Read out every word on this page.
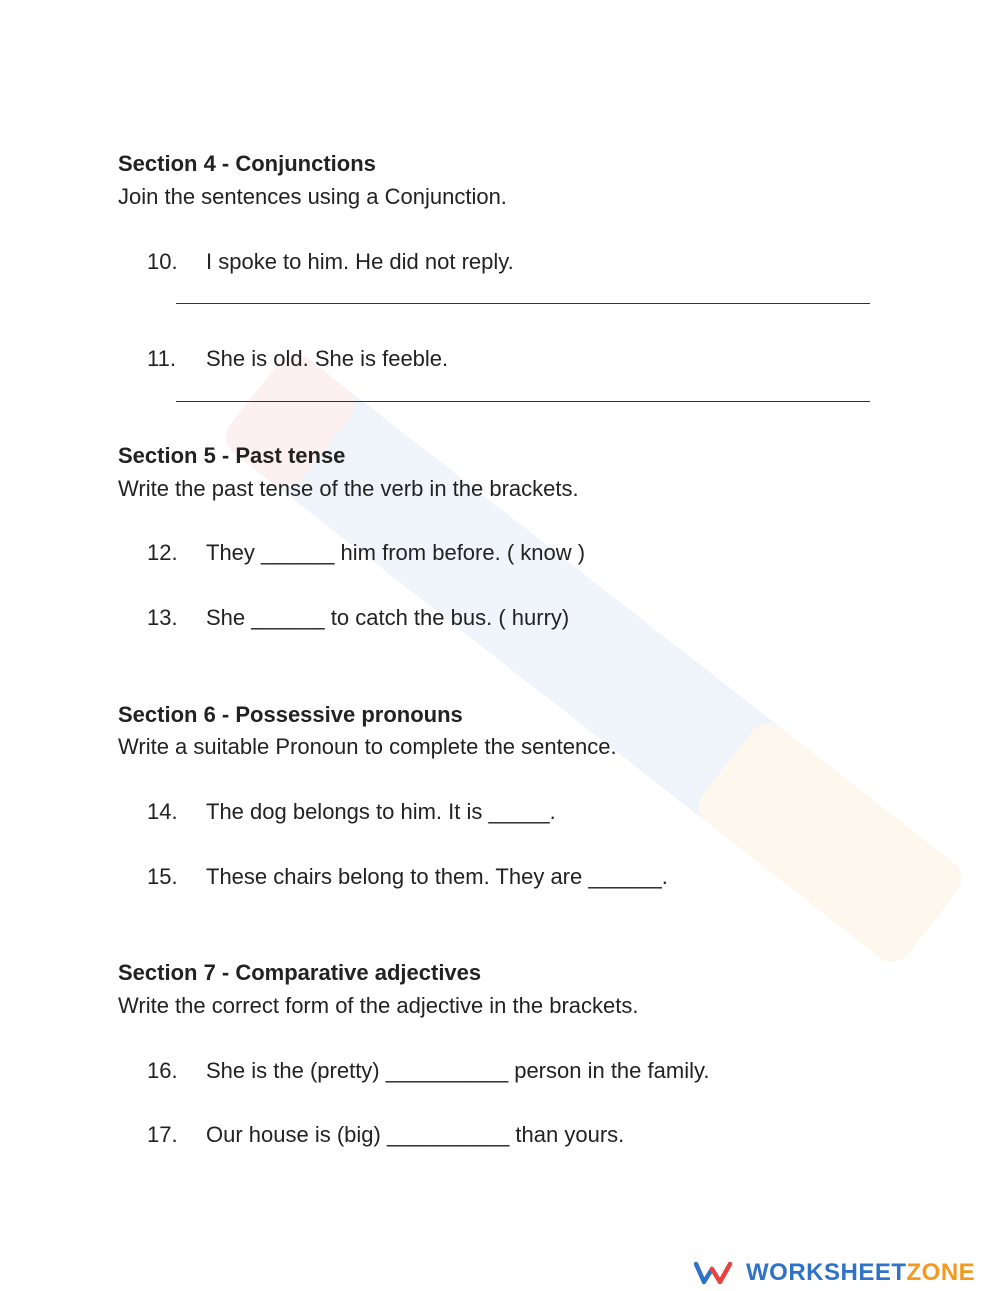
Section 4 - Conjunctions
Join the sentences using a Conjunction.
10. I spoke to him. He did not reply.
11. She is old. She is feeble.
Section 5 - Past tense
Write the past tense of the verb in the brackets.
12. They ______ him from before. ( know )
13. She ______ to catch the bus. ( hurry)
Section 6 - Possessive pronouns
Write a suitable Pronoun to complete the sentence.
14. The dog belongs to him. It is _____.
15. These chairs belong to them. They are ______.
Section 7 - Comparative adjectives
Write the correct form of the adjective in the brackets.
16. She is the (pretty) __________ person in the family.
17. Our house is (big) __________ than yours.
WORKSHEETZONE
